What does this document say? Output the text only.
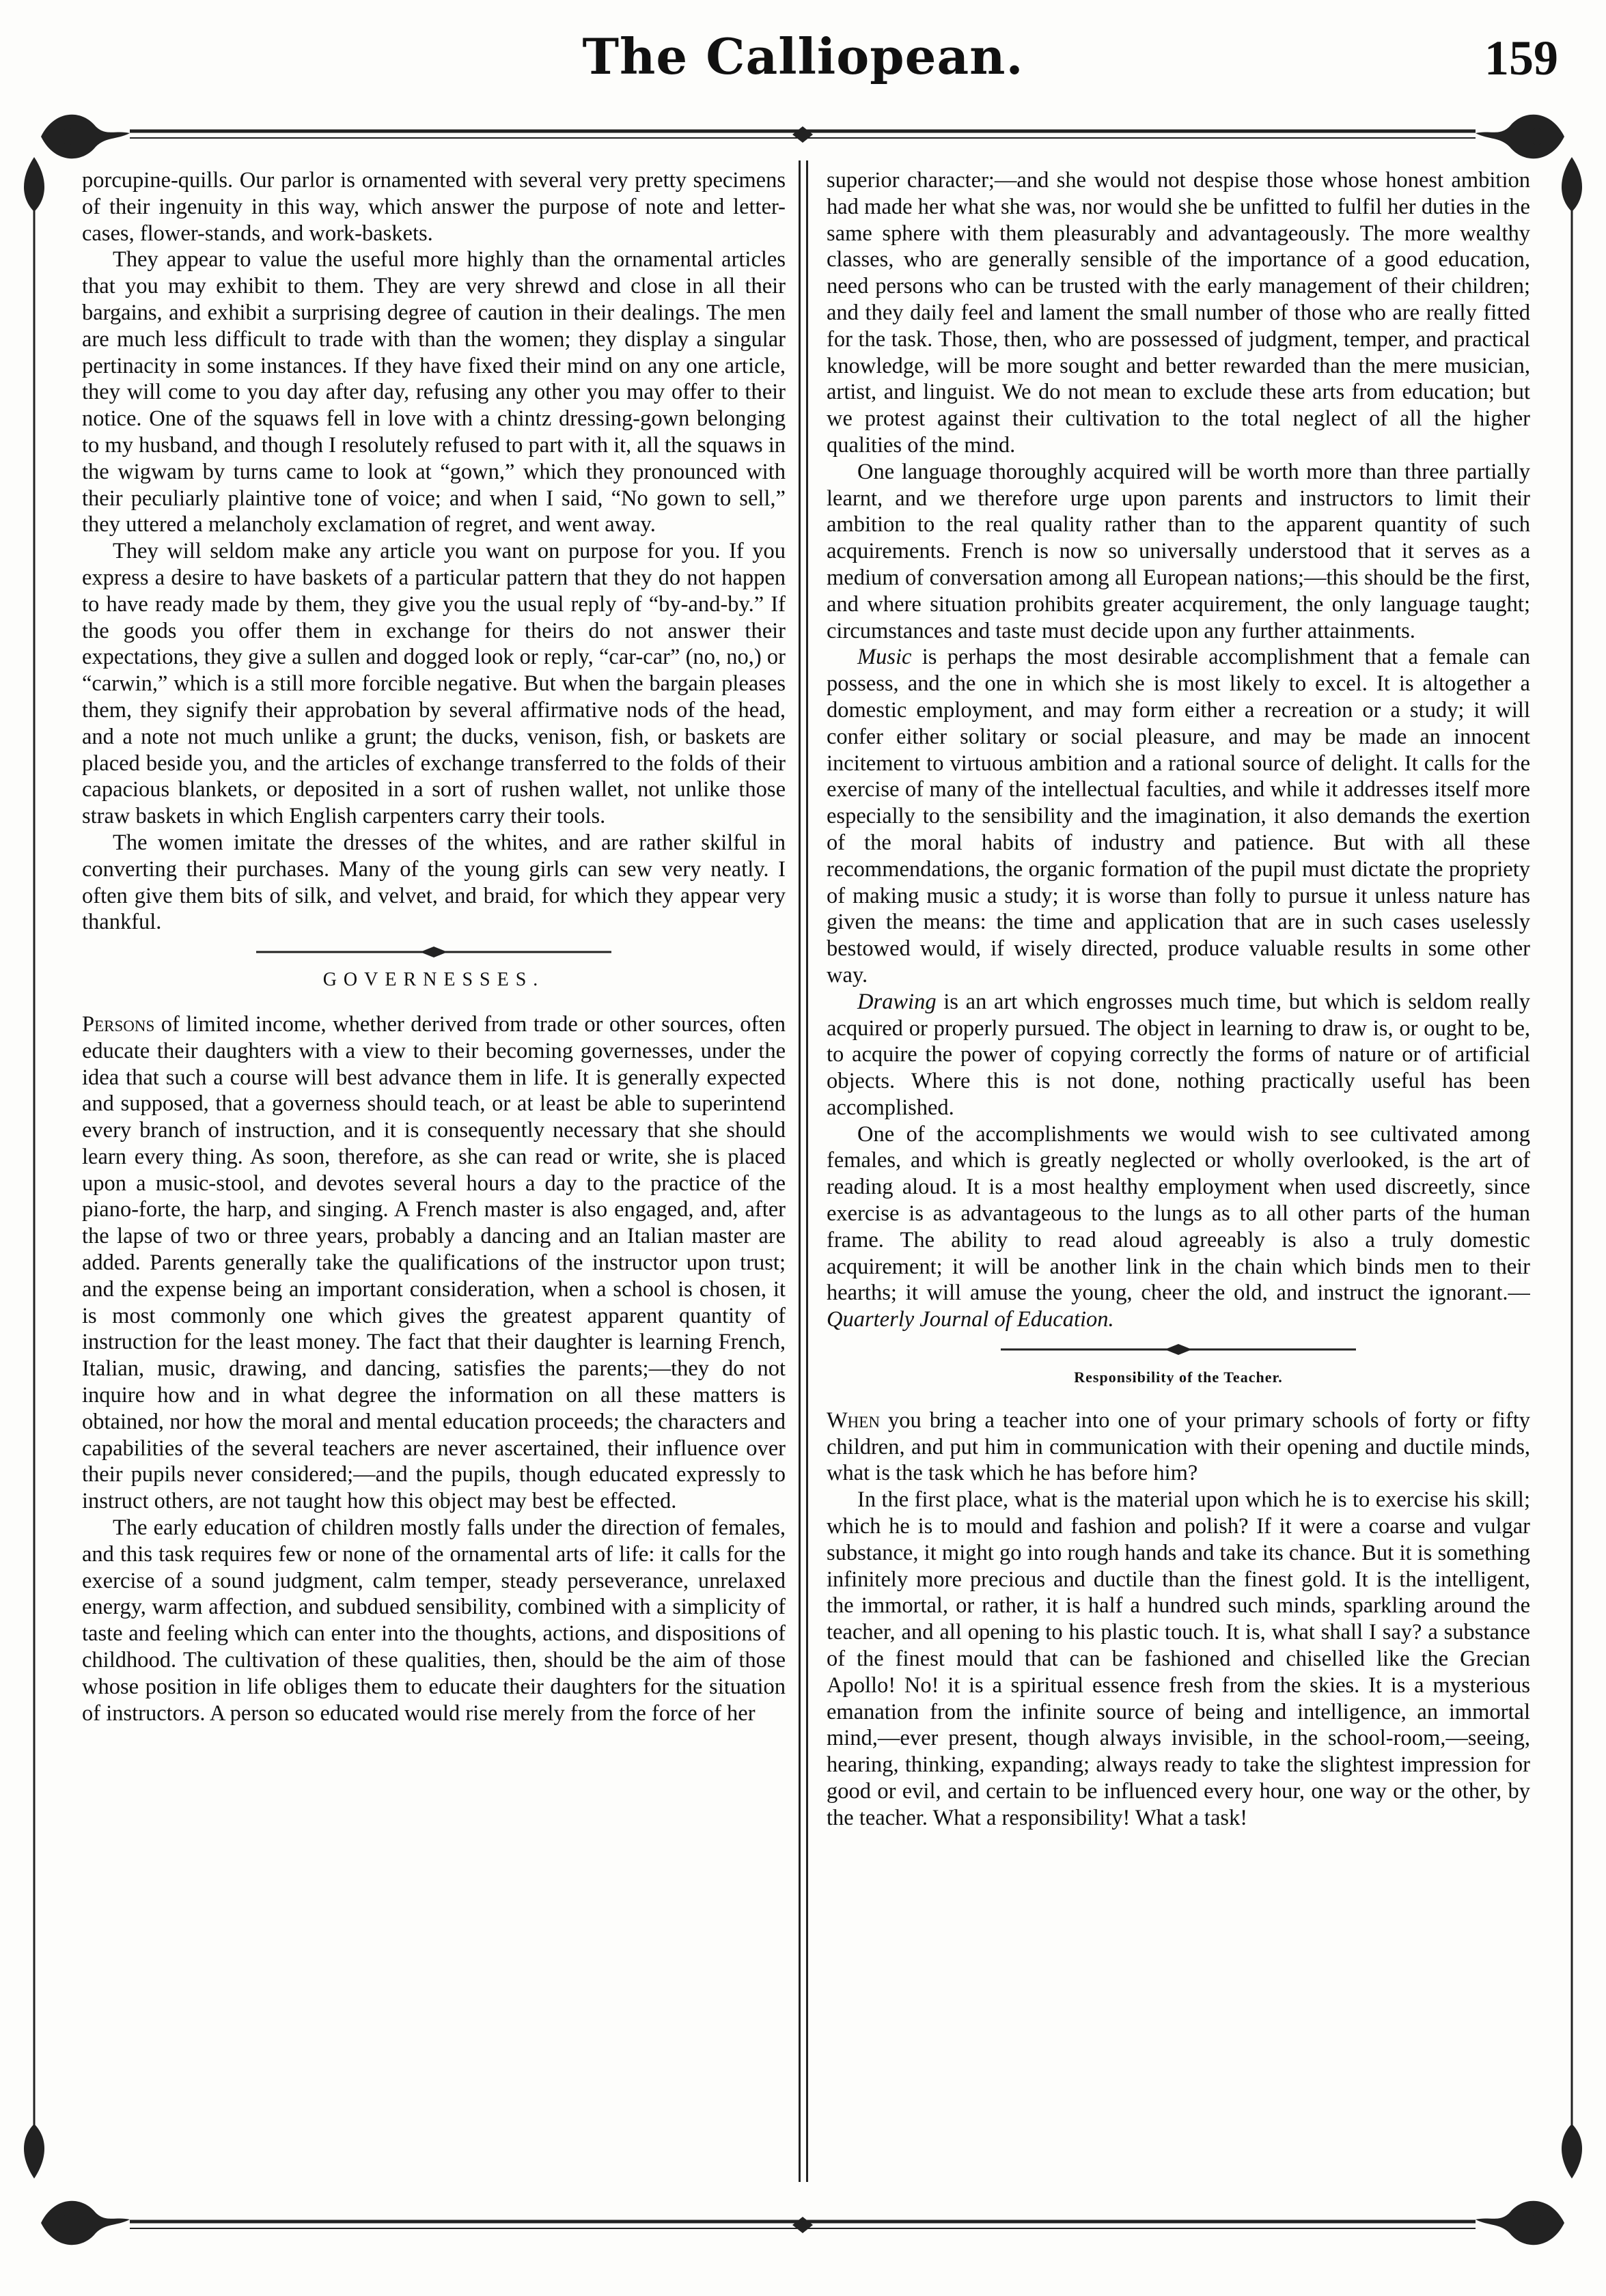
The Calliopean.	159

porcupine-quills. Our parlor is ornamented with several very pretty specimens of their ingenuity in this way, which answer the purpose of note and letter-cases, flower-stands, and work-baskets.

They appear to value the useful more highly than the ornamental articles that you may exhibit to them. They are very shrewd and close in all their bargains, and exhibit a surprising degree of caution in their dealings. The men are much less difficult to trade with than the women; they display a singular pertinacity in some instances. If they have fixed their mind on any one article, they will come to you day after day, refusing any other you may offer to their notice. One of the squaws fell in love with a chintz dressing-gown belonging to my husband, and though I resolutely refused to part with it, all the squaws in the wigwam by turns came to look at “gown,” which they pronounced with their peculiarly plaintive tone of voice; and when I said, “No gown to sell,” they uttered a melancholy exclamation of regret, and went away.

They will seldom make any article you want on purpose for you. If you express a desire to have baskets of a particular pattern that they do not happen to have ready made by them, they give you the usual reply of “by-and-by.” If the goods you offer them in exchange for theirs do not answer their expectations, they give a sullen and dogged look or reply, “car-car” (no, no,) or “carwin,” which is a still more forcible negative. But when the bargain pleases them, they signify their approbation by several affirmative nods of the head, and a note not much unlike a grunt; the ducks, venison, fish, or baskets are placed beside you, and the articles of exchange transferred to the folds of their capacious blankets, or deposited in a sort of rushen wallet, not unlike those straw baskets in which English carpenters carry their tools.

The women imitate the dresses of the whites, and are rather skilful in converting their purchases. Many of the young girls can sew very neatly. I often give them bits of silk, and velvet, and braid, for which they appear very thankful.

GOVERNESSES.

Persons of limited income, whether derived from trade or other sources, often educate their daughters with a view to their becoming governesses, under the idea that such a course will best advance them in life. It is generally expected and supposed, that a governess should teach, or at least be able to superintend every branch of instruction, and it is consequently necessary that she should learn every thing. As soon, therefore, as she can read or write, she is placed upon a music-stool, and devotes several hours a day to the practice of the piano-forte, the harp, and singing. A French master is also engaged, and, after the lapse of two or three years, probably a dancing and an Italian master are added. Parents generally take the qualifications of the instructor upon trust; and the expense being an important consideration, when a school is chosen, it is most commonly one which gives the greatest apparent quantity of instruction for the least money. The fact that their daughter is learning French, Italian, music, drawing, and dancing, satisfies the parents;—they do not inquire how and in what degree the information on all these matters is obtained, nor how the moral and mental education proceeds; the characters and capabilities of the several teachers are never ascertained, their influence over their pupils never considered;—and the pupils, though educated expressly to instruct others, are not taught how this object may best be effected.

The early education of children mostly falls under the direction of females, and this task requires few or none of the ornamental arts of life: it calls for the exercise of a sound judgment, calm temper, steady perseverance, unrelaxed energy, warm affection, and subdued sensibility, combined with a simplicity of taste and feeling which can enter into the thoughts, actions, and dispositions of childhood. The cultivation of these qualities, then, should be the aim of those whose position in life obliges them to educate their daughters for the situation of instructors. A person so educated would rise merely from the force of her

superior character;—and she would not despise those whose honest ambition had made her what she was, nor would she be unfitted to fulfil her duties in the same sphere with them pleasurably and advantageously. The more wealthy classes, who are generally sensible of the importance of a good education, need persons who can be trusted with the early management of their children; and they daily feel and lament the small number of those who are really fitted for the task. Those, then, who are possessed of judgment, temper, and practical knowledge, will be more sought and better rewarded than the mere musician, artist, and linguist. We do not mean to exclude these arts from education; but we protest against their cultivation to the total neglect of all the higher qualities of the mind.

One language thoroughly acquired will be worth more than three partially learnt, and we therefore urge upon parents and instructors to limit their ambition to the real quality rather than to the apparent quantity of such acquirements. French is now so universally understood that it serves as a medium of conversation among all European nations;—this should be the first, and where situation prohibits greater acquirement, the only language taught; circumstances and taste must decide upon any further attainments.

Music is perhaps the most desirable accomplishment that a female can possess, and the one in which she is most likely to excel. It is altogether a domestic employment, and may form either a recreation or a study; it will confer either solitary or social pleasure, and may be made an innocent incitement to virtuous ambition and a rational source of delight. It calls for the exercise of many of the intellectual faculties, and while it addresses itself more especially to the sensibility and the imagination, it also demands the exertion of the moral habits of industry and patience. But with all these recommendations, the organic formation of the pupil must dictate the propriety of making music a study; it is worse than folly to pursue it unless nature has given the means: the time and application that are in such cases uselessly bestowed would, if wisely directed, produce valuable results in some other way.

Drawing is an art which engrosses much time, but which is seldom really acquired or properly pursued. The object in learning to draw is, or ought to be, to acquire the power of copying correctly the forms of nature or of artificial objects. Where this is not done, nothing practically useful has been accomplished.

One of the accomplishments we would wish to see cultivated among females, and which is greatly neglected or wholly overlooked, is the art of reading aloud. It is a most healthy employment when used discreetly, since exercise is as advantageous to the lungs as to all other parts of the human frame. The ability to read aloud agreeably is also a truly domestic acquirement; it will be another link in the chain which binds men to their hearths; it will amuse the young, cheer the old, and instruct the ignorant.—Quarterly Journal of Education.

Responsibility of the Teacher.

When you bring a teacher into one of your primary schools of forty or fifty children, and put him in communication with their opening and ductile minds, what is the task which he has before him?

In the first place, what is the material upon which he is to exercise his skill; which he is to mould and fashion and polish? If it were a coarse and vulgar substance, it might go into rough hands and take its chance. But it is something infinitely more precious and ductile than the finest gold. It is the intelligent, the immortal, or rather, it is half a hundred such minds, sparkling around the teacher, and all opening to his plastic touch. It is, what shall I say? a substance of the finest mould that can be fashioned and chiselled like the Grecian Apollo! No! it is a spiritual essence fresh from the skies. It is a mysterious emanation from the infinite source of being and intelligence, an immortal mind,—ever present, though always invisible, in the school-room,—seeing, hearing, thinking, expanding; always ready to take the slightest impression for good or evil, and certain to be influenced every hour, one way or the other, by the teacher. What a responsibility! What a task!
